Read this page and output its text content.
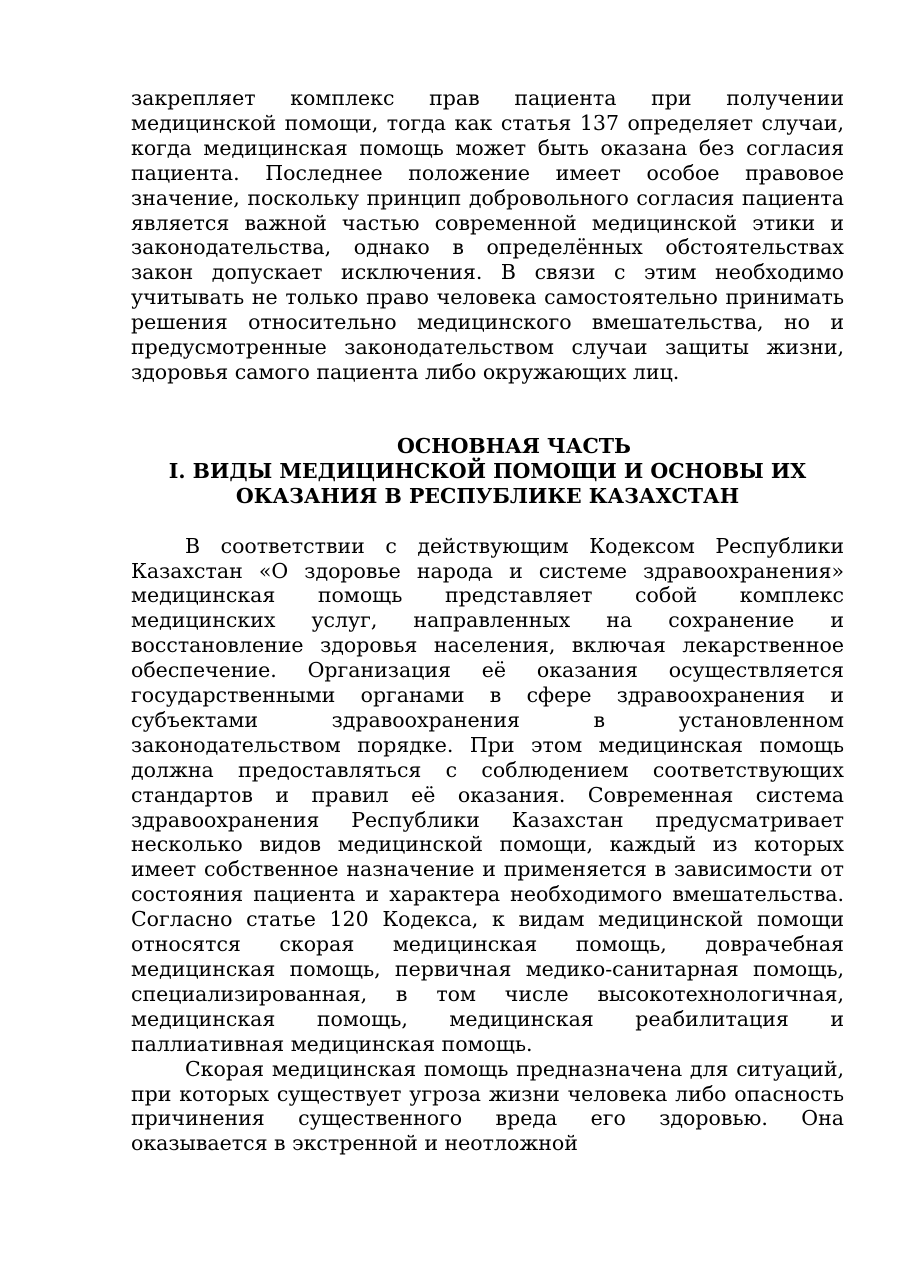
закрепляет комплекс прав пациента при получении медицинской помощи, тогда как статья 137 определяет случаи, когда медицинская помощь может быть оказана без согласия пациента. Последнее положение имеет особое правовое значение, поскольку принцип добровольного согласия пациента является важной частью современной медицинской этики и законодательства, однако в определённых обстоятельствах закон допускает исключения. В связи с этим необходимо учитывать не только право человека самостоятельно принимать решения относительно медицинского вмешательства, но и предусмотренные законодательством случаи защиты жизни, здоровья самого пациента либо окружающих лиц.

ОСНОВНАЯ ЧАСТЬ

I. ВИДЫ МЕДИЦИНСКОЙ ПОМОЩИ И ОСНОВЫ ИХ ОКАЗАНИЯ В РЕСПУБЛИКЕ КАЗАХСТАН

В соответствии с действующим Кодексом Республики Казахстан «О здоровье народа и системе здравоохранения» медицинская помощь представляет собой комплекс медицинских услуг, направленных на сохранение и восстановление здоровья населения, включая лекарственное обеспечение. Организация её оказания осуществляется государственными органами в сфере здравоохранения и субъектами здравоохранения в установленном законодательством порядке. При этом медицинская помощь должна предоставляться с соблюдением соответствующих стандартов и правил её оказания. Современная система здравоохранения Республики Казахстан предусматривает несколько видов медицинской помощи, каждый из которых имеет собственное назначение и применяется в зависимости от состояния пациента и характера необходимого вмешательства. Согласно статье 120 Кодекса, к видам медицинской помощи относятся скорая медицинская помощь, доврачебная медицинская помощь, первичная медико-санитарная помощь, специализированная, в том числе высокотехнологичная, медицинская помощь, медицинская реабилитация и паллиативная медицинская помощь.

Скорая медицинская помощь предназначена для ситуаций, при которых существует угроза жизни человека либо опасность причинения существенного вреда его здоровью. Она оказывается в экстренной и неотложной
